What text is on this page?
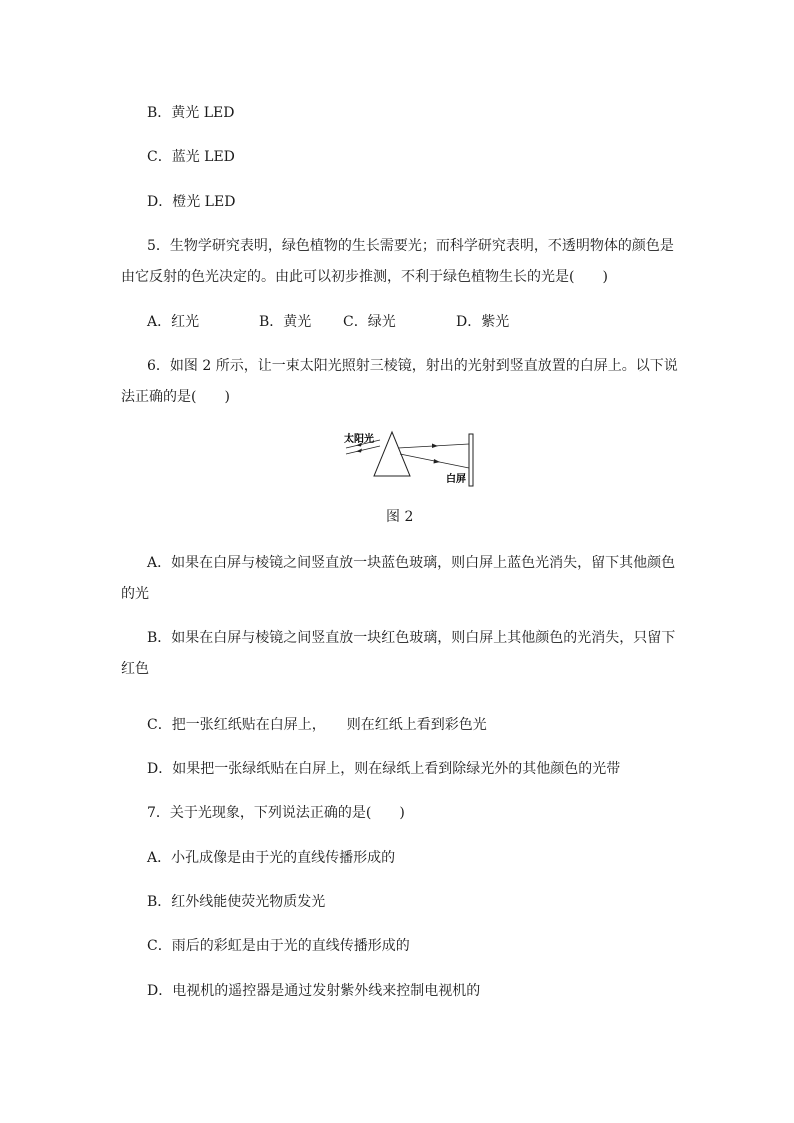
B．黄光 LED
C．蓝光 LED
D．橙光 LED
5．生物学研究表明，绿色植物的生长需要光；而科学研究表明，不透明物体的颜色是
由它反射的色光决定的。由此可以初步推测，不利于绿色植物生长的光是(　　)
A．红光	B．黄光 C．绿光	D．紫光
6．如图 2 所示，让一束太阳光照射三棱镜，射出的光射到竖直放置的白屏上。以下说
法正确的是(　　)
太阳光
白屏
图 2
A．如果在白屏与棱镜之间竖直放一块蓝色玻璃，则白屏上蓝色光消失，留下其他颜色
的光
B．如果在白屏与棱镜之间竖直放一块红色玻璃，则白屏上其他颜色的光消失，只留下
红色
C．把一张红纸贴在白屏上，　　则在红纸上看到彩色光
D．如果把一张绿纸贴在白屏上，则在绿纸上看到除绿光外的其他颜色的光带
7．关于光现象，下列说法正确的是(　　)
A．小孔成像是由于光的直线传播形成的
B．红外线能使荧光物质发光
C．雨后的彩虹是由于光的直线传播形成的
D．电视机的遥控器是通过发射紫外线来控制电视机的
